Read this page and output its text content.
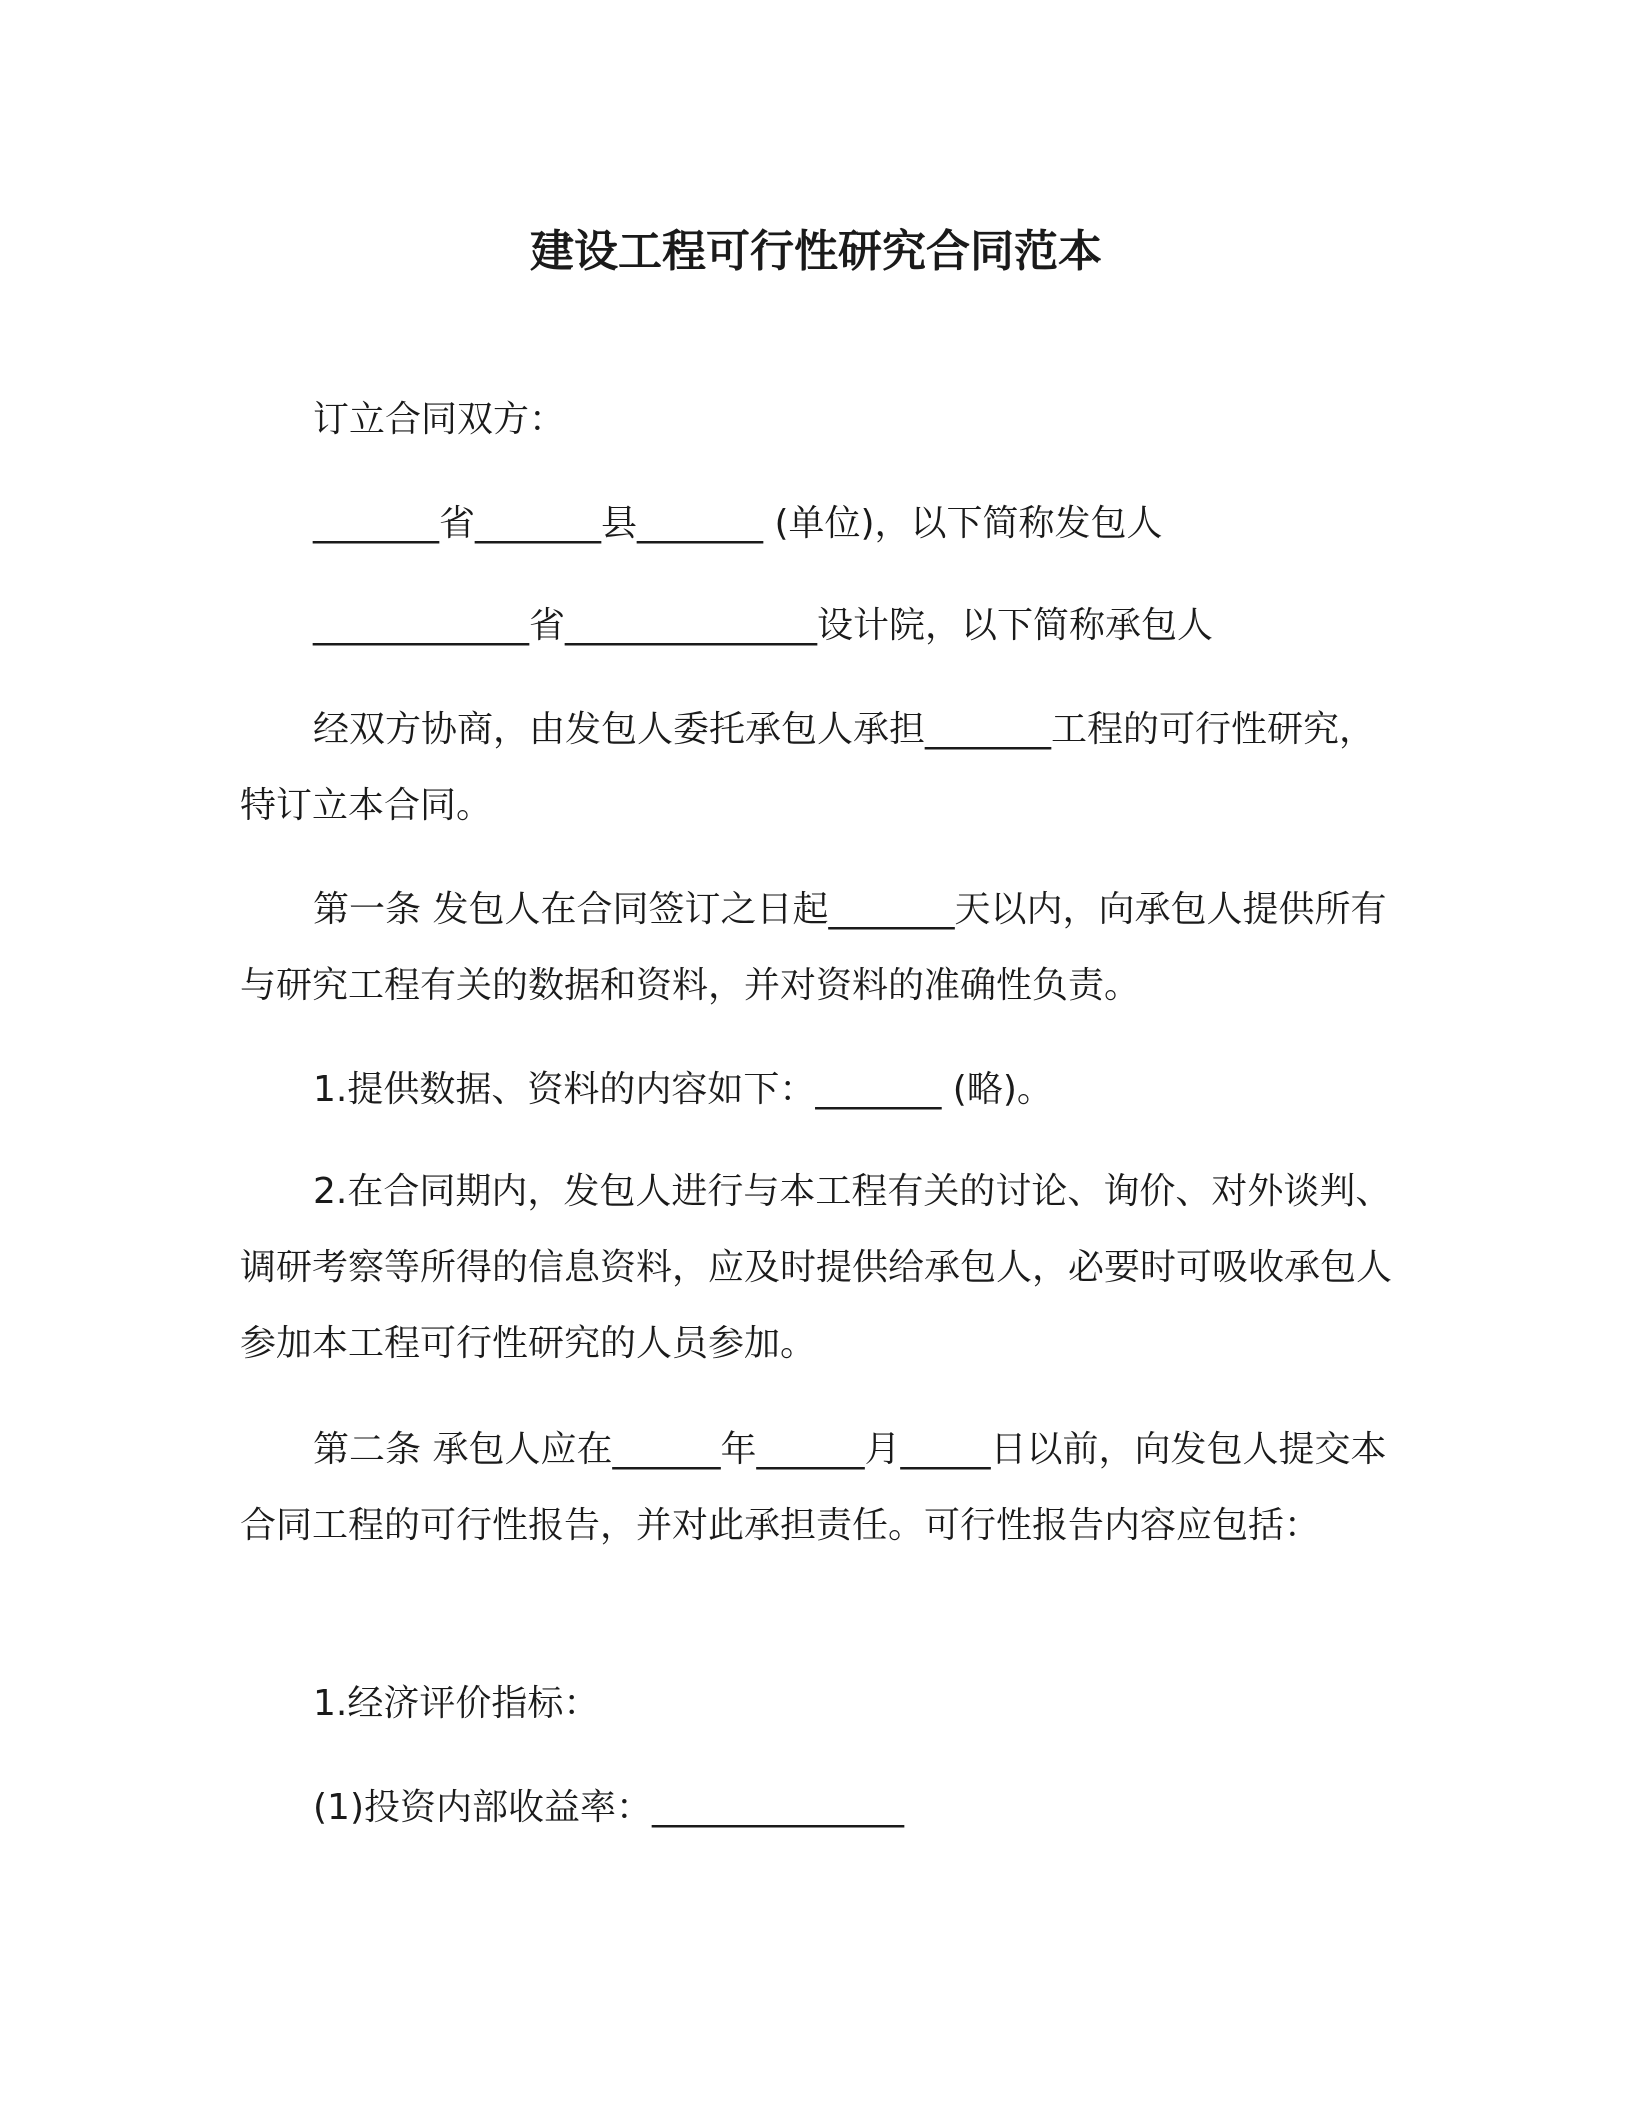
建设工程可行性研究合同范本

订立合同双方：

_______省_______县_______ (单位)，以下简称发包人

____________省______________设计院，以下简称承包人

经双方协商，由发包人委托承包人承担_______工程的可行性研究，特订立本合同。

第一条 发包人在合同签订之日起_______天以内，向承包人提供所有与研究工程有关的数据和资料，并对资料的准确性负责。

1.提供数据、资料的内容如下：_______ (略)。

2.在合同期内，发包人进行与本工程有关的讨论、询价、对外谈判、调研考察等所得的信息资料，应及时提供给承包人，必要时可吸收承包人参加本工程可行性研究的人员参加。

第二条 承包人应在______年______月_____日以前，向发包人提交本合同工程的可行性报告，并对此承担责任。可行性报告内容应包括：

1.经济评价指标：

(1)投资内部收益率：______________
